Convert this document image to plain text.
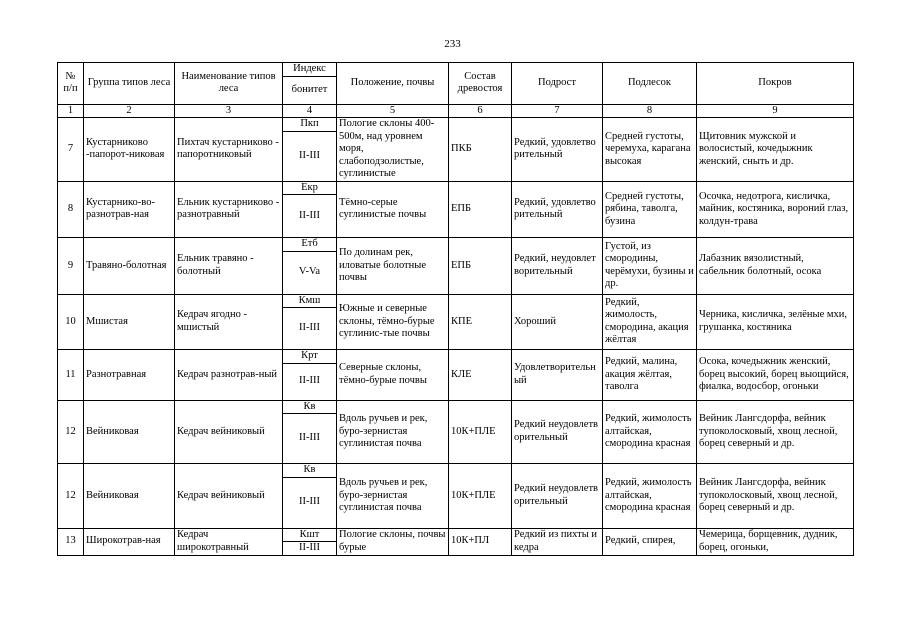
233
№ п/п	Группа типов леса	Наименование типов леса	Индекс	Положение, почвы	Состав древостоя	Подрост	Подлесок	Покров
			бонитет					
1	2	3	4	5	6	7	8	9
7	Кустарниково -папорот-никовая	Пихтач кустарниково - папоротниковый	Пкп	Пологие склоны 400-500м, над уровнем моря, слабоподзолистые, суглинистые	ПКБ	Редкий, удовлетворительный	Средней густоты, черемуха, карагана высокая	Щитовник мужской и волосистый, кочедыжник женский, сныть и др.
			II-III					
8	Кустарнико-во-разнотрав-ная	Ельник кустарниково - разнотравный	Екр	Тёмно-серые суглинистые почвы	ЕПБ	Редкий, удовлетворительный	Средней густоты, рябина, таволга, бузина	Осочка, недотрога, кисличка, майник, костяника, вороний глаз, колдун-трава
			II-III					
9	Травяно-болотная	Ельник травяно - болотный	Етб	По долинам рек, иловатые болотные почвы	ЕПБ	Редкий, неудовлетворительный	Густой, из смородины, черёмухи, бузины и др.	Лабазник вязолистный, сабельник болотный, осока
			V-Va					
10	Мшистая	Кедрач ягодно - мшистый	Кмш	Южные и северные склоны, тёмно-бурые суглинис-тые почвы	КПЕ	Хороший	Редкий, жимолость, смородина, акация жёлтая	Черника, кисличка, зелёные мхи, грушанка, костяника
			II-III					
11	Разнотравная	Кедрач разнотрав-ный	Крт	Северные склоны, тёмно-бурые почвы	КЛЕ	Удовлетворительный	Редкий, малина, акация жёлтая, таволга	Осока, кочедыжник женский, борец высокий, борец выощийся, фиалка, водосбор, огоньки
			II-III					
12	Вейниковая	Кедрач вейниковый	Кв	Вдоль ручьев и рек, буро-зернистая суглинистая почва	10К+ПЛЕ	Редкий неудовлетворительный	Редкий, жимолость алтайская, смородина красная	Вейник Лангсдорфа, вейник тупоколосковый, хвощ лесной, борец северный и др.
			II-III					
12	Вейниковая	Кедрач вейниковый	Кв	Вдоль ручьев и рек, буро-зернистая суглинистая почва	10К+ПЛЕ	Редкий неудовлетворительный	Редкий, жимолость алтайская, смородина красная	Вейник Лангсдорфа, вейник тупоколосковый, хвощ лесной, борец северный и др.
			II-III					
13	Широкотрав-ная	Кедрач широкотравный	Кшт	Пологие склоны, почвы бурые	10К+ПЛ	Редкий из пихты и кедра	Редкий, спирея,	Чемерица, борщевник, дудник, борец, огоньки,
			II-III					
